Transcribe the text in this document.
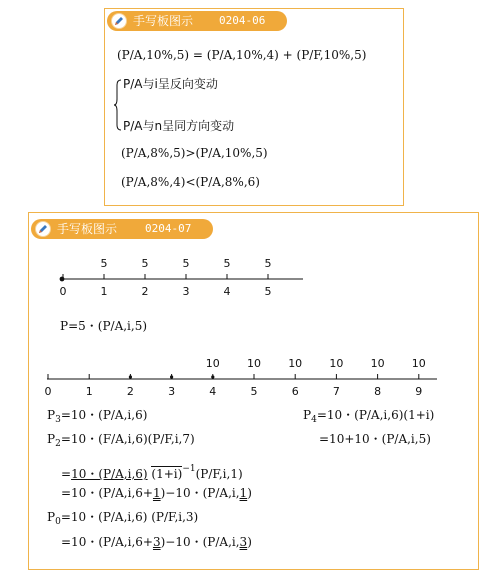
手写板图示 0204-06
(P/A,10%,5) = (P/A,10%,4) + (P/F,10%,5)
P/A与i呈反向变动
P/A与n呈同方向变动
(P/A,8%,5)>(P/A,10%,5)
(P/A,8%,4)<(P/A,8%,6)
手写板图示	0204-07
5	5	5	5	5
0	1	2	3	4	5
P=5・(P/A,i,5)
10 10 10 10 10 10
0	1	2	3	4	5	6	7	8	9
$P_3=10$・(P/A,i,6)	$P_4=10$・(P/A,i,6)(1+i)
$P_2=10$・(F/A,i,6)(P/F,i,7)	=10+10・(P/A,i,5)
=10・(P/A,i,6) $(1+i)^{-1}(P/F,i,1)$
=10・(P/A,i,6+1)−10・(P/A,i,1)
$P_0=10$・(P/A,i,6) (P/F,i,3)
=10・(P/A,i,6+3)−10・(P/A,i,3)
